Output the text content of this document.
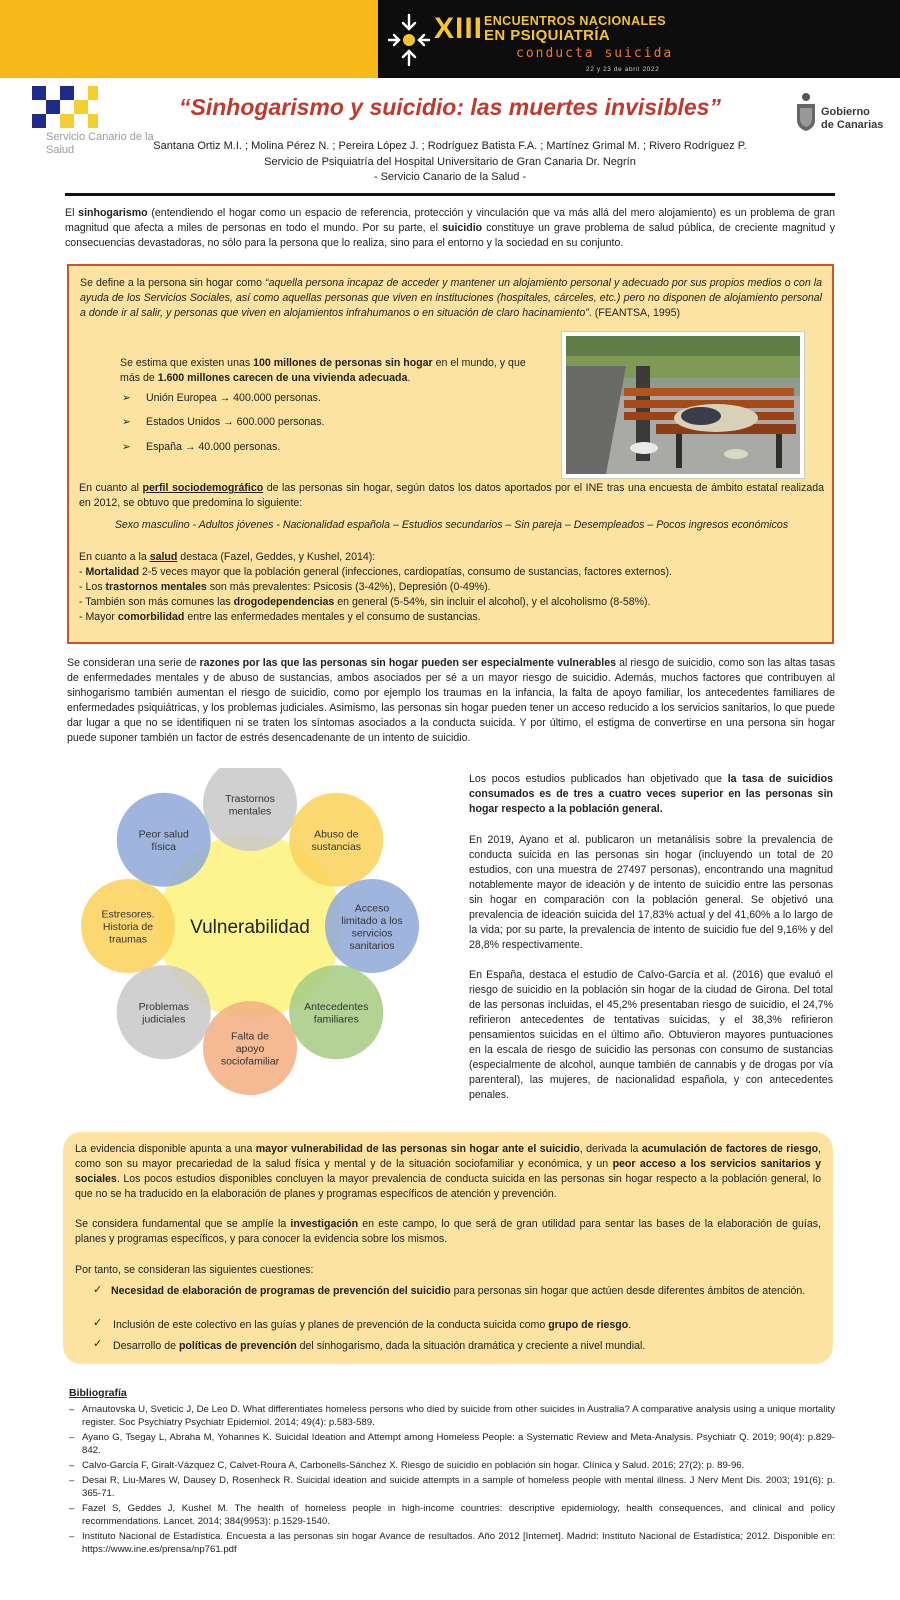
XIII ENCUENTROS NACIONALES
EN PSIQUIATRÍA
conducta suicida
22 y 23 de abril 2022
Servicio Canario de la Salud
Gobierno
de Canarias
“Sinhogarismo y suicidio: las muertes invisibles”
Santana Ortiz M.I. ; Molina Pérez N. ; Pereira López J. ; Rodríguez Batista F.A. ; Martínez Grimal M. ; Rivero Rodríguez P.
Servicio de Psiquiatría del Hospital Universitario de Gran Canaria Dr. Negrín
- Servicio Canario de la Salud -
El sinhogarismo (entendiendo el hogar como un espacio de referencia, protección y vinculación que va más allá del mero alojamiento) es un problema de gran magnitud que afecta a miles de personas en todo el mundo. Por su parte, el suicidio constituye un grave problema de salud pública, de creciente magnitud y consecuencias devastadoras, no sólo para la persona que lo realiza, sino para el entorno y la sociedad en su conjunto.
Se define a la persona sin hogar como “aquella persona incapaz de acceder y mantener un alojamiento personal y adecuado por sus propios medios o con la ayuda de los Servicios Sociales, así como aquellas personas que viven en instituciones (hospitales, cárceles, etc.) pero no disponen de alojamiento personal a donde ir al salir, y personas que viven en alojamientos infrahumanos o en situación de claro hacinamiento”. (FEANTSA, 1995)
Se estima que existen unas 100 millones de personas sin hogar en el mundo, y que más de 1.600 millones carecen de una vivienda adecuada.
➢ Unión Europea → 400.000 personas.
➢ Estados Unidos → 600.000 personas.
➢ España → 40.000 personas.
En cuanto al perfil sociodemográfico de las personas sin hogar, según datos los datos aportados por el INE tras una encuesta de ámbito estatal realizada en 2012, se obtuvo que predomina lo siguiente:
Sexo masculino - Adultos jóvenes - Nacionalidad española – Estudios secundarios – Sin pareja – Desempleados – Pocos ingresos económicos
En cuanto a la salud destaca (Fazel, Geddes, y Kushel, 2014):
- Mortalidad 2-5 veces mayor que la población general (infecciones, cardiopatías, consumo de sustancias, factores externos).
- Los trastornos mentales son más prevalentes: Psicosis (3-42%), Depresión (0-49%).
- También son más comunes las drogodependencias en general (5-54%, sin incluir el alcohol), y el alcoholismo (8-58%).
- Mayor comorbilidad entre las enfermedades mentales y el consumo de sustancias.
Se consideran una serie de razones por las que las personas sin hogar pueden ser especialmente vulnerables al riesgo de suicidio, como son las altas tasas de enfermedades mentales y de abuso de sustancias, ambos asociados per sé a un mayor riesgo de suicidio. Además, muchos factores que contribuyen al sinhogarismo también aumentan el riesgo de suicidio, como por ejemplo los traumas en la infancia, la falta de apoyo familiar, los antecedentes familiares de enfermedades psiquiátricas, y los problemas judiciales. Asimismo, las personas sin hogar pueden tener un acceso reducido a los servicios sanitarios, lo que puede dar lugar a que no se identifiquen ni se traten los síntomas asociados a la conducta suicida. Y por último, el estigma de convertirse en una persona sin hogar puede suponer también un factor de estrés desencadenante de un intento de suicidio.
Trastornos
mentales
Abuso de
sustancias
Acceso
limitado a los
servicios
sanitarios
Antecedentes
familiares
Falta de
apoyo
sociofamiliar
Problemas
judiciales
Estresores.
Historia de
traumas
Peor salud
física
Vulnerabilidad
Los pocos estudios publicados han objetivado que la tasa de suicidios consumados es de tres a cuatro veces superior en las personas sin hogar respecto a la población general.
En 2019, Ayano et al. publicaron un metanálisis sobre la prevalencia de conducta suicida en las personas sin hogar (incluyendo un total de 20 estudios, con una muestra de 27497 personas), encontrando una magnitud notablemente mayor de ideación y de intento de suicidio entre las personas sin hogar en comparación con la población general. Se objetivó una prevalencia de ideación suicida del 17,83% actual y del 41,60% a lo largo de la vida; por su parte, la prevalencia de intento de suicidio fue del 9,16% y del 28,8% respectivamente.
En España, destaca el estudio de Calvo-García et al. (2016) que evaluó el riesgo de suicidio en la población sin hogar de la ciudad de Girona. Del total de las personas incluidas, el 45,2% presentaban riesgo de suicidio, el 24,7% refirieron antecedentes de tentativas suicidas, y el 38,3% refirieron pensamientos suicidas en el último año. Obtuvieron mayores puntuaciones en la escala de riesgo de suicidio las personas con consumo de sustancias (especialmente de alcohol, aunque también de cannabis y de drogas por vía parenteral), las mujeres, de nacionalidad española, y con antecedentes penales.
La evidencia disponible apunta a una mayor vulnerabilidad de las personas sin hogar ante el suicidio, derivada la acumulación de factores de riesgo, como son su mayor precariedad de la salud física y mental y de la situación sociofamiliar y económica, y un peor acceso a los servicios sanitarios y sociales. Los pocos estudios disponibles concluyen la mayor prevalencia de conducta suicida en las personas sin hogar respecto a la población general, lo que no se ha traducido en la elaboración de planes y programas específicos de atención y prevención.
Se considera fundamental que se amplíe la investigación en este campo, lo que será de gran utilidad para sentar las bases de la elaboración de guías, planes y programas específicos, y para conocer la evidencia sobre los mismos.
Por tanto, se consideran las siguientes cuestiones:
✓ Necesidad de elaboración de programas de prevención del suicidio para personas sin hogar que actúen desde diferentes ámbitos de atención.
✓ Inclusión de este colectivo en las guías y planes de prevención de la conducta suicida como grupo de riesgo.
✓ Desarrollo de políticas de prevención del sinhogarismo, dada la situación dramática y creciente a nivel mundial.
Bibliografía
– Arnautovska U, Sveticic J, De Leo D. What differentiates homeless persons who died by suicide from other suicides in Australia? A comparative analysis using a unique mortality register. Soc Psychiatry Psychiatr Epidemiol. 2014; 49(4): p.583-589.
– Ayano G, Tsegay L, Abraha M, Yohannes K. Suicidal Ideation and Attempt among Homeless People: a Systematic Review and Meta-Analysis. Psychiatr Q. 2019; 90(4): p.829-842.
– Calvo-García F, Giralt-Vázquez C, Calvet-Roura A, Carbonells-Sánchez X. Riesgo de suicidio en población sin hogar. Clínica y Salud. 2016; 27(2): p. 89-96.
– Desai R, Liu-Mares W, Dausey D, Rosenheck R. Suicidal ideation and suicide attempts in a sample of homeless people with mental illness. J Nerv Ment Dis. 2003; 191(6): p. 365-71.
– Fazel S, Geddes J, Kushel M. The health of homeless people in high-income countries: descriptive epidemiology, health consequences, and clinical and policy recommendations. Lancet. 2014; 384(9953): p.1529-1540.
– Instituto Nacional de Estadística. Encuesta a las personas sin hogar Avance de resultados. Año 2012 [Internet]. Madrid: Instituto Nacional de Estadística; 2012. Disponible en: https://www.ine.es/prensa/np761.pdf
